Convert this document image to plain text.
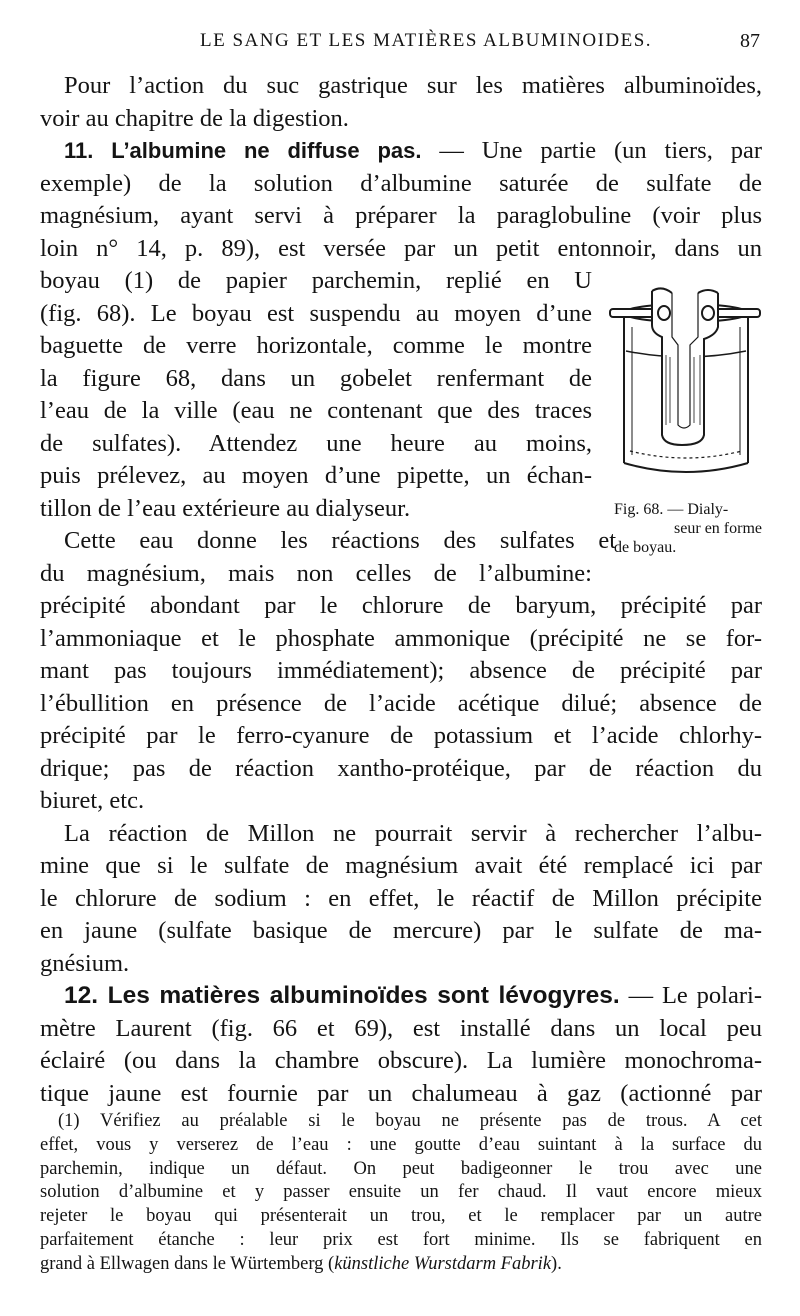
LE SANG ET LES MATIÈRES ALBUMINOIDES.	87
Pour l’action du suc gastrique sur les matières albuminoïdes,
voir au chapitre de la digestion.
11. L’albumine ne diffuse pas. — Une partie (un tiers, par
exemple) de la solution d’albumine saturée de sulfate de
magnésium, ayant servi à préparer la paraglobuline (voir plus
loin n° 14, p. 89), est versée par un petit entonnoir, dans un
boyau (1) de papier parchemin, replié en U
(fig. 68). Le boyau est suspendu au moyen d’une
baguette de verre horizontale, comme le montre
la figure 68, dans un gobelet renfermant de
l’eau de la ville (eau ne contenant que des traces
de sulfates). Attendez une heure au moins,
puis prélevez, au moyen d’une pipette, un échan-
tillon de l’eau extérieure au dialyseur.
Cette eau donne les réactions des sulfates et
du magnésium, mais non celles de l’albumine:
précipité abondant par le chlorure de baryum, précipité par
l’ammoniaque et le phosphate ammonique (précipité ne se for-
mant pas toujours immédiatement); absence de précipité par
l’ébullition en présence de l’acide acétique dilué; absence de
précipité par le ferro-cyanure de potassium et l’acide chlorhy-
drique; pas de réaction xantho-protéique, par de réaction du
biuret, etc.
La réaction de Millon ne pourrait servir à rechercher l’albu-
mine que si le sulfate de magnésium avait été remplacé ici par
le chlorure de sodium : en effet, le réactif de Millon précipite
en jaune (sulfate basique de mercure) par le sulfate de ma-
gnésium.
12. Les matières albuminoïdes sont lévogyres. — Le polari-
mètre Laurent (fig. 66 et 69), est installé dans un local peu
éclairé (ou dans la chambre obscure). La lumière monochroma-
tique jaune est fournie par un chalumeau à gaz (actionné par
Fig. 68. — Dialy-
seur en forme
de boyau.
(1) Vérifiez au préalable si le boyau ne présente pas de trous. A cet
effet, vous y verserez de l’eau : une goutte d’eau suintant à la surface du
parchemin, indique un défaut. On peut badigeonner le trou avec une
solution d’albumine et y passer ensuite un fer chaud. Il vaut encore mieux
rejeter le boyau qui présenterait un trou, et le remplacer par un autre
parfaitement étanche : leur prix est fort minime. Ils se fabriquent en
grand à Ellwagen dans le Würtemberg (künstliche Wurstdarm Fabrik).
